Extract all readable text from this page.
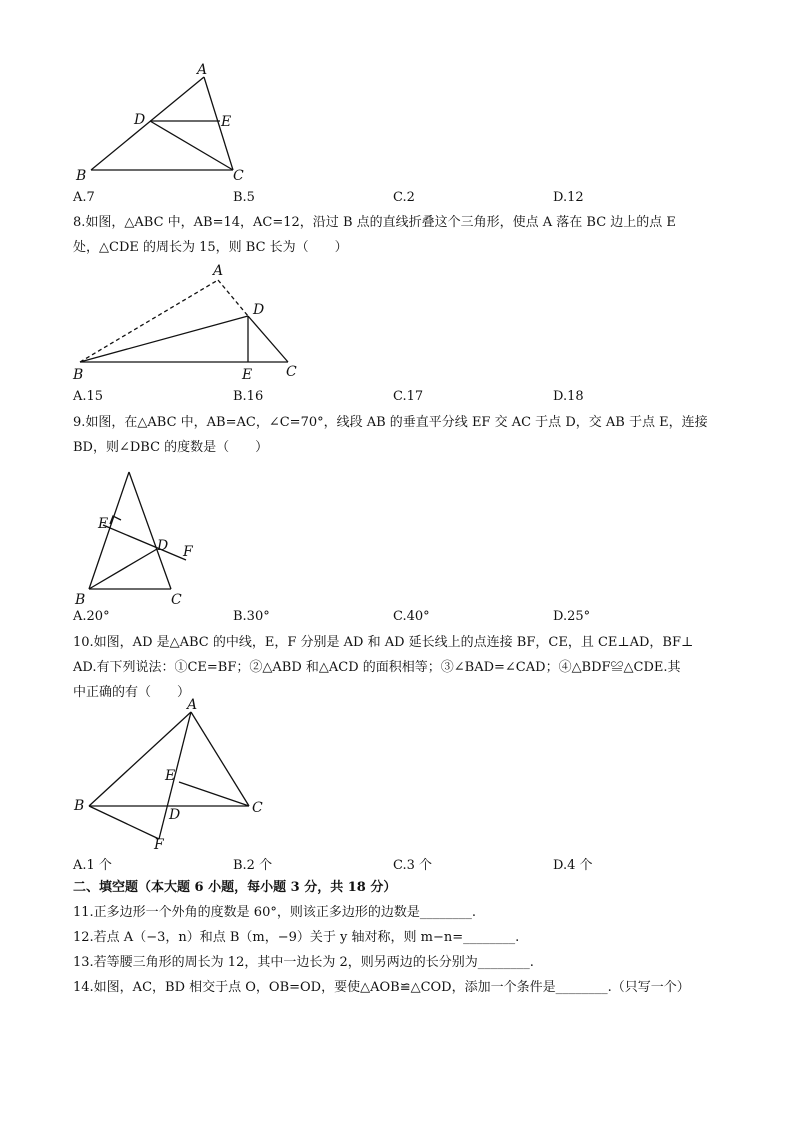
A
D	E
B	C
A.7	B.5	C.2	D.12
8.如图，△ABC 中，AB=14，AC=12，沿过 B 点的直线折叠这个三角形，使点 A 落在 BC 边上的点 E
处，△CDE 的周长为 15，则 BC 长为（　　）
A
D
B	E C
A.15	B.16	C.17	D.18
9.如图，在△ABC 中，AB=AC，∠C=70°，线段 AB 的垂直平分线 EF 交 AC 于点 D，交 AB 于点 E，连接
BD，则∠DBC 的度数是（　　）
E
D F
B	C
A.20°	B.30°	C.40°	D.25°
10.如图，AD 是△ABC 的中线，E，F 分别是 AD 和 AD 延长线上的点连接 BF，CE，且 CE⊥AD，BF⊥
AD.有下列说法：①CE=BF；②△ABD 和△ACD 的面积相等；③∠BAD=∠CAD；④△BDF≌△CDE.其
中正确的有（　　）
A
E
B
D	C
F
A.1 个	B.2 个	C.3 个	D.4 个
二、填空题（本大题 6 小题，每小题 3 分，共 18 分）
11.正多边形一个外角的度数是 60°，则该正多边形的边数是________.
12.若点 A（−3，n）和点 B（m，−9）关于 y 轴对称，则 m−n=________.
13.若等腰三角形的周长为 12，其中一边长为 2，则另两边的长分别为________.
14.如图，AC，BD 相交于点 O，OB=OD，要使△AOB≌△COD，添加一个条件是________.（只写一个）
